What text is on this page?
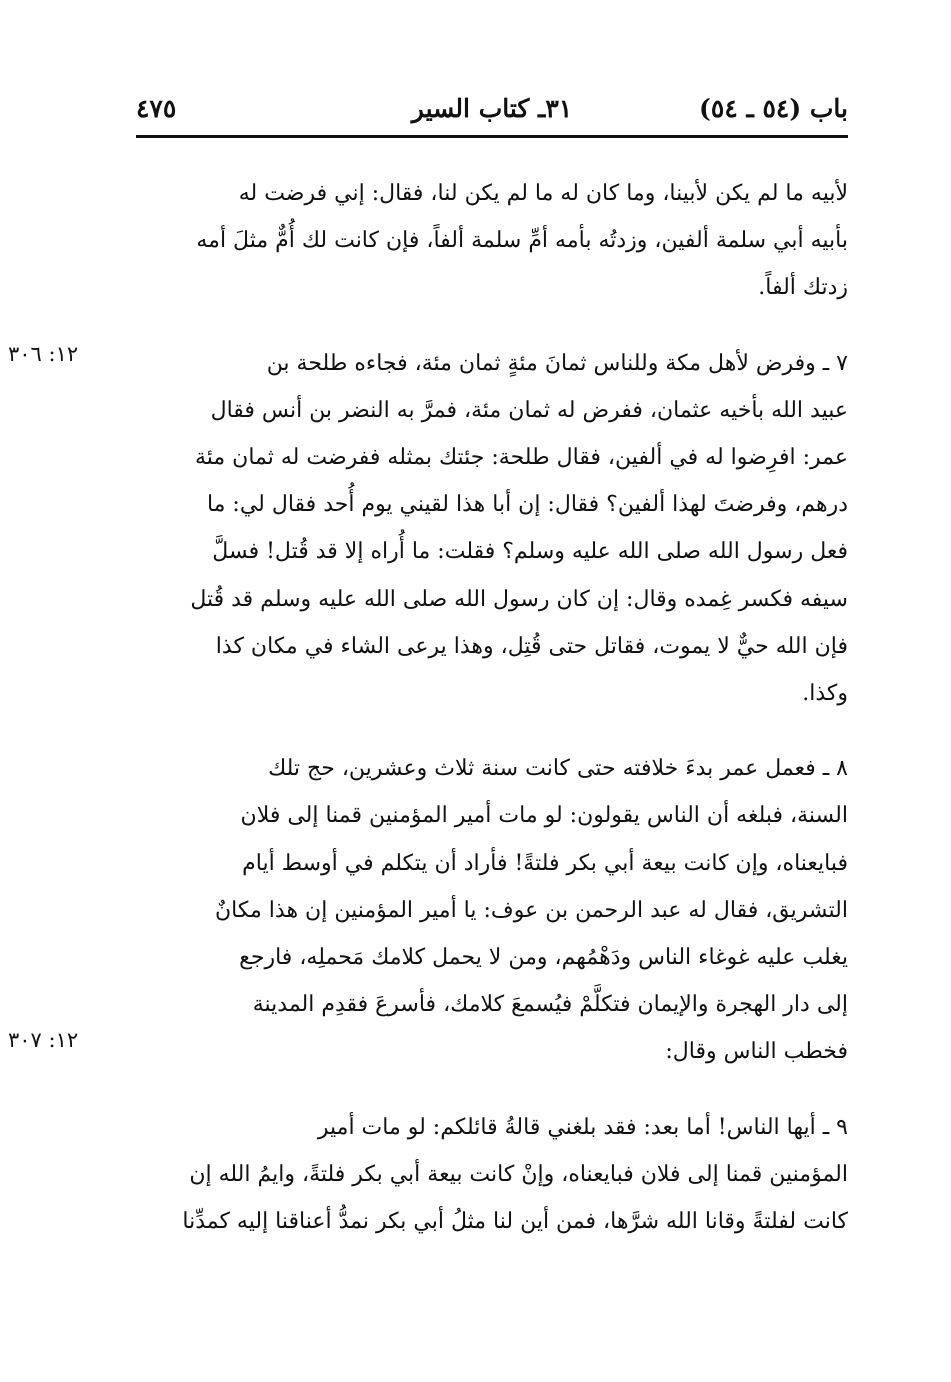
باب (٥٤ ـ ٥٤)
٣١ـ كتاب السير
٤٧٥

لأبيه ما لم يكن لأبينا، وما كان له ما لم يكن لنا، فقال: إني فرضت له
بأبيه أبي سلمة ألفين، وزدتُه بأمه أمِّ سلمة ألفاً، فإن كانت لك أُمٌّ مثلَ أمه
زدتك ألفاً.

١٢: ٣٠٦	٧ ـ وفرض لأهل مكة وللناس ثمانَ مئةٍ ثمان مئة، فجاءه طلحة بن
عبيد الله بأخيه عثمان، ففرض له ثمان مئة، فمرَّ به النضر بن أنس فقال
عمر: افرِضوا له في ألفين، فقال طلحة: جئتك بمثله ففرضت له ثمان مئة
درهم، وفرضتَ لهذا ألفين؟ فقال: إن أبا هذا لقيني يوم أُحد فقال لي: ما
فعل رسول الله صلى الله عليه وسلم؟ فقلت: ما أُراه إلا قد قُتل! فسلَّ
سيفه فكسر غِمده وقال: إن كان رسول الله صلى الله عليه وسلم قد قُتل
فإن الله حيٌّ لا يموت، فقاتل حتى قُتِل، وهذا يرعى الشاء في مكان كذا
وكذا.

١٢: ٣٠٧

٨ ـ فعمل عمر بدءَ خلافته حتى كانت سنة ثلاث وعشرين، حج تلك
السنة، فبلغه أن الناس يقولون: لو مات أمير المؤمنين قمنا إلى فلان
فبايعناه، وإن كانت بيعة أبي بكر فلتةً! فأراد أن يتكلم في أوسط أيام
التشريق، فقال له عبد الرحمن بن عوف: يا أمير المؤمنين إن هذا مكانٌ
يغلب عليه غوغاء الناس ودَهْمُهم، ومن لا يحمل كلامك مَحملِه، فارجع
إلى دار الهجرة والإيمان فتكلَّمْ فيُسمعَ كلامك، فأسرعَ فقدِم المدينة
فخطب الناس وقال:

٩ ـ أيها الناس! أما بعد: فقد بلغني قالةُ قائلكم: لو مات أمير
المؤمنين قمنا إلى فلان فبايعناه، وإنْ كانت بيعة أبي بكر فلتةً، وايمُ الله إن
كانت لفلتةً وقانا الله شرَّها، فمن أين لنا مثلُ أبي بكر نمدُّ أعناقنا إليه كمدِّنا
